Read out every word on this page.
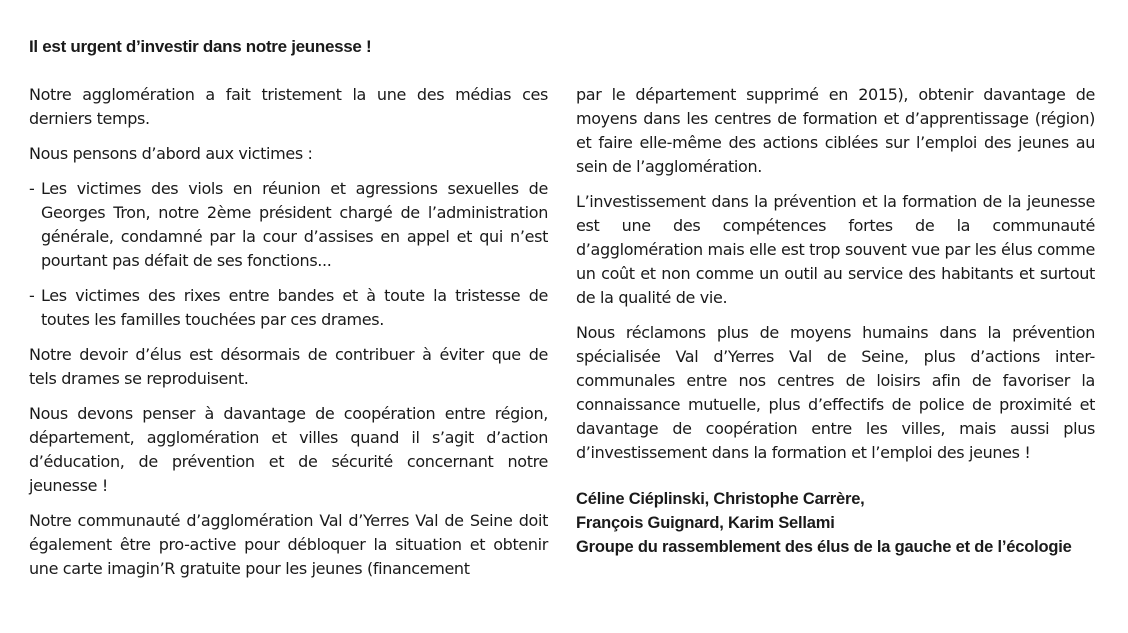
Il est urgent d’investir dans notre jeunesse !

Notre agglomération a fait tristement la une des médias ces derniers temps.

Nous pensons d’abord aux victimes :

- Les victimes des viols en réunion et agressions sexuelles de Georges Tron, notre 2ème président chargé de l’administration générale, condamné par la cour d’assises en appel et qui n’est pourtant pas défait de ses fonctions...

- Les victimes des rixes entre bandes et à toute la tristesse de toutes les familles touchées par ces drames.

Notre devoir d’élus est désormais de contribuer à éviter que de tels drames se reproduisent.

Nous devons penser à davantage de coopération entre région, département, agglomération et villes quand il s’agit d’action d’éducation, de prévention et de sécurité concernant notre jeunesse !

Notre communauté d’agglomération Val d’Yerres Val de Seine doit également être pro-active pour débloquer la situation et obtenir une carte imagin’R gratuite pour les jeunes (financement

par le département supprimé en 2015), obtenir davantage de moyens dans les centres de formation et d’apprentissage (région) et faire elle-même des actions ciblées sur l’emploi des jeunes au sein de l’agglomération.

L’investissement dans la prévention et la formation de la jeunesse est une des compétences fortes de la communauté d’agglomération mais elle est trop souvent vue par les élus comme un coût et non comme un outil au service des habitants et surtout de la qualité de vie.

Nous réclamons plus de moyens humains dans la prévention spécialisée Val d’Yerres Val de Seine, plus d’actions inter-communales entre nos centres de loisirs afin de favoriser la connaissance mutuelle, plus d’effectifs de police de proximité et davantage de coopération entre les villes, mais aussi plus d’investissement dans la formation et l’emploi des jeunes !

Céline Ciéplinski, Christophe Carrère,
François Guignard, Karim Sellami
Groupe du rassemblement des élus de la gauche et de l’écologie
